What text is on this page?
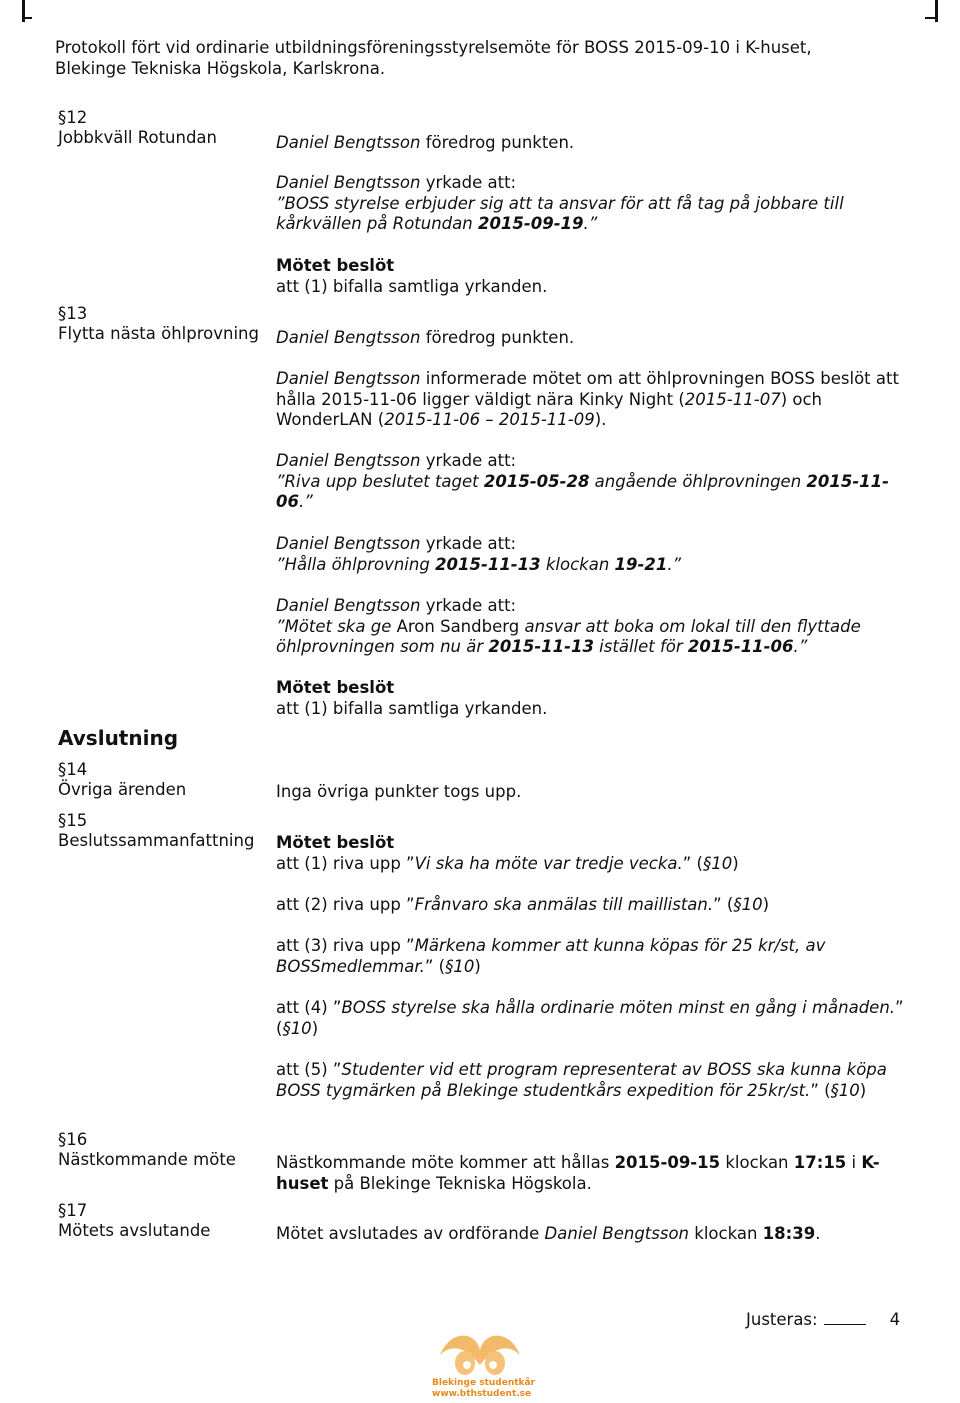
Protokoll fört vid ordinarie utbildningsföreningsstyrelsemöte för BOSS 2015-09-10 i K-huset,
Blekinge Tekniska Högskola, Karlskrona.
§12
Jobbkväll Rotundan	Daniel Bengtsson föredrog punkten.

Daniel Bengtsson yrkade att:

”BOSS styrelse erbjuder sig att ta ansvar för att få tag på jobbare till kårkvällen på Rotundan 2015-09-19.”

Mötet beslöt

att (1) bifalla samtliga yrkanden.

§13
Flytta nästa öhlprovning	Daniel Bengtsson föredrog punkten.

Daniel Bengtsson informerade mötet om att öhlprovningen BOSS beslöt att hålla 2015-11-06 ligger väldigt nära Kinky Night (2015-11-07) och WonderLAN (2015-11-06 – 2015-11-09).

Daniel Bengtsson yrkade att:

”Riva upp beslutet taget 2015-05-28 angående öhlprovningen 2015-11-06.”

Daniel Bengtsson yrkade att:

”Hålla öhlprovning 2015-11-13 klockan 19-21.”

Daniel Bengtsson yrkade att:

”Mötet ska ge Aron Sandberg ansvar att boka om lokal till den flyttade öhlprovningen som nu är 2015-11-13 istället för 2015-11-06.”

Mötet beslöt

att (1) bifalla samtliga yrkanden.

Avslutning
§14
Övriga ärenden	Inga övriga punkter togs upp.

§15
Beslutssammanfattning	Mötet beslöt

att (1) riva upp ”Vi ska ha möte var tredje vecka.” (§10)

att (2) riva upp ”Frånvaro ska anmälas till maillistan.” (§10)

att (3) riva upp ”Märkena kommer att kunna köpas för 25 kr/st, av BOSSmedlemmar.” (§10)

att (4) ”BOSS styrelse ska hålla ordinarie möten minst en gång i månaden.” (§10)

att (5) ”Studenter vid ett program representerat av BOSS ska kunna köpa BOSS tygmärken på Blekinge studentkårs expedition för 25kr/st.” (§10)

§16
Nästkommande möte	Nästkommande möte kommer att hållas 2015-09-15 klockan 17:15 i K-huset på Blekinge Tekniska Högskola.

§17
Mötets avslutande	Mötet avslutades av ordförande Daniel Bengtsson klockan 18:39.

Justeras:	4
Blekinge studentkår
www.bthstudent.se
